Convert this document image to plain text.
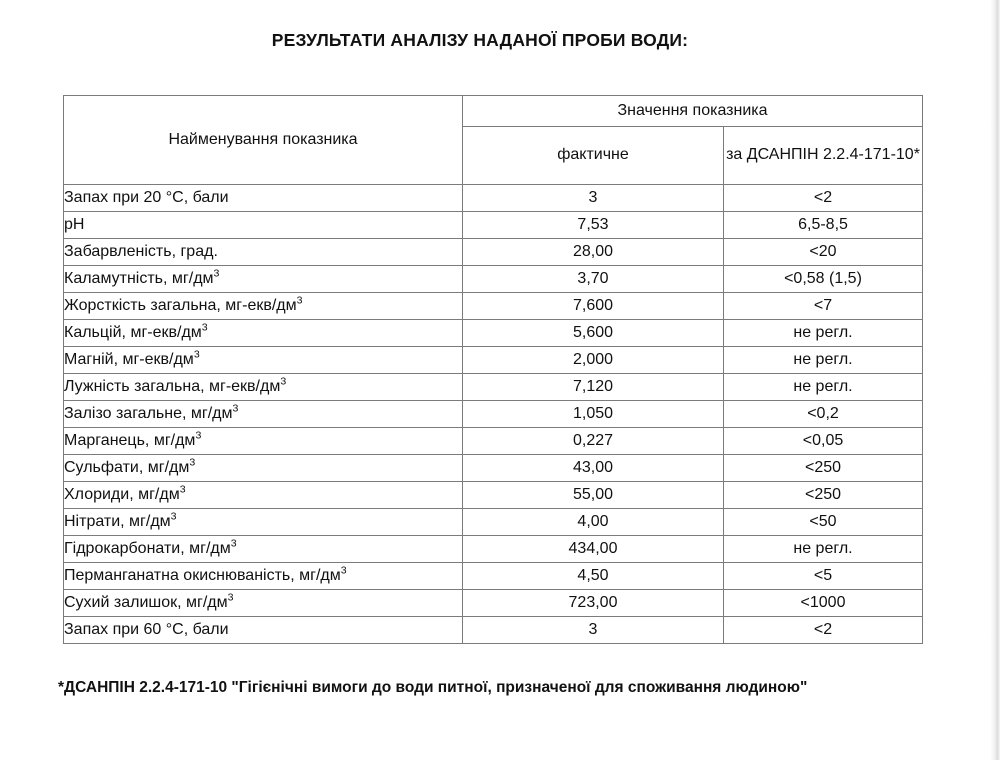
РЕЗУЛЬТАТИ АНАЛІЗУ НАДАНОЇ ПРОБИ ВОДИ:
Найменування показника	Значення показника	
	фактичне	за ДСАНПІН 2.2.4-171-10*
Запах при 20 °С, бали	3	<2
pH	7,53	6,5-8,5
Забарвленість, град.	28,00	<20
Каламутність, $мг/дм^3$	3,70	<0,58 (1,5)
Жорсткість загальна, $мг-екв/дм^3$	7,600	<7
Кальцій, $мг-екв/дм^3$	5,600	не регл.
Магній, $мг-екв/дм^3$	2,000	не регл.
Лужність загальна, $мг-екв/дм^3$	7,120	не регл.
Залізо загальне, $мг/дм^3$	1,050	<0,2
Марганець, $мг/дм^3$	0,227	<0,05
Сульфати, $мг/дм^3$	43,00	<250
Хлориди, $мг/дм^3$	55,00	<250
Нітрати, $мг/дм^3$	4,00	<50
Гідрокарбонати, $мг/дм^3$	434,00	не регл.
Перманганатна окиснюваність, $мг/дм^3$	4,50	<5
Сухий залишок, $мг/дм^3$	723,00	<1000
Запах при 60 °С, бали	3	<2
*ДСАНПІН 2.2.4-171-10 "Гігієнічні вимоги до води питної, призначеної для споживання людиною"
